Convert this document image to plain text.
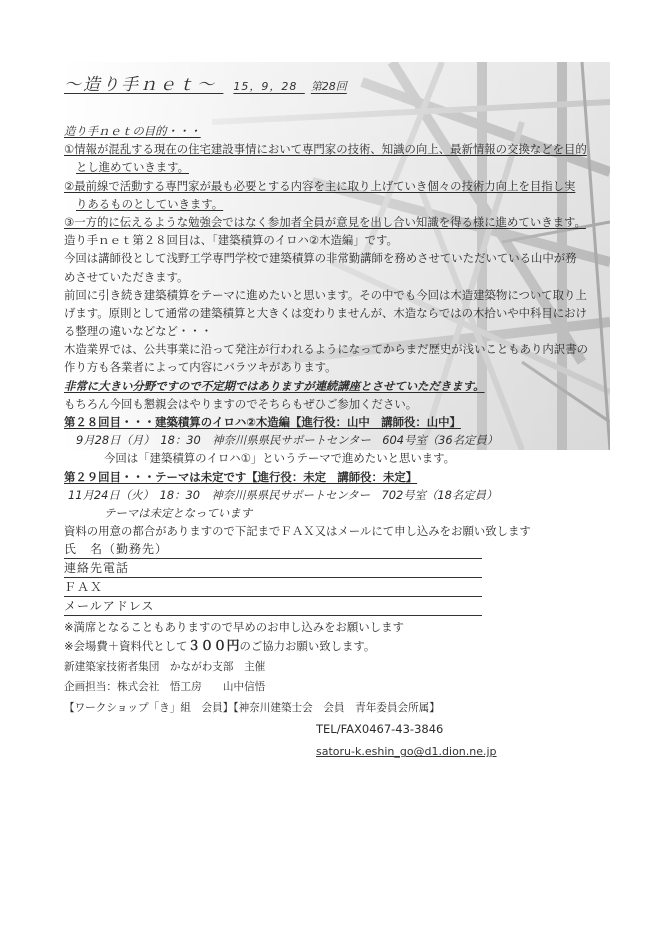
～造り手ｎｅｔ～ 15，9，28 第28回
造り手ｎｅｔの目的・・・
①情報が混乱する現在の住宅建設事情において専門家の技術、知識の向上、最新情報の交換などを目的
とし進めていきます。
②最前線で活動する専門家が最も必要とする内容を主に取り上げていき個々の技術力向上を目指し実
りあるものとしていきます。
③一方的に伝えるような勉強会ではなく参加者全員が意見を出し合い知識を得る様に進めていきます。
造り手ｎｅｔ第２８回目は、「建築積算のイロハ②木造編」です。
今回は講師役として浅野工学専門学校で建築積算の非常勤講師を務めさせていただいている山中が務
めさせていただきます。
前回に引き続き建築積算をテーマに進めたいと思います。その中でも今回は木造建築物について取り上
げます。原則として通常の建築積算と大きくは変わりませんが、木造ならではの木拾いや中科目におけ
る整理の違いなどなど・・・
木造業界では、公共事業に沿って発注が行われるようになってからまだ歴史が浅いこともあり内訳書の
作り方も各業者によって内容にバラツキがあります。
非常に大きい分野ですので不定期ではありますが連続講座とさせていただきます。
もちろん今回も懇親会はやりますのでそちらもぜひご参加ください。
第２８回目・・・建築積算のイロハ②木造編【進行役：山中　講師役：山中】
9月28日（月）　18：30　神奈川県県民サポートセンター　604号室（36名定員）
今回は「建築積算のイロハ①」というテーマで進めたいと思います。
第２９回目・・・テーマは未定です【進行役：未定　講師役：未定】
11月24日（火）　18：30　神奈川県県民サポートセンター　702号室（18名定員）
テーマは未定となっています
資料の用意の都合がありますので下記までＦＡＸ又はメールにて申し込みをお願い致します
氏　名（勤務先）
連絡先電話
ＦＡＸ
メールアドレス
※満席となることもありますので早めのお申し込みをお願いします
※会場費＋資料代として３００円のご協力お願い致します。
新建築家技術者集団　かながわ支部　主催
企画担当：株式会社　悟工房　　山中信悟
【ワークショップ「き」組　会員】【神奈川建築士会　会員　青年委員会所属】
TEL/FAX0467-43-3846
satoru-k.eshin_go@d1.dion.ne.jp
